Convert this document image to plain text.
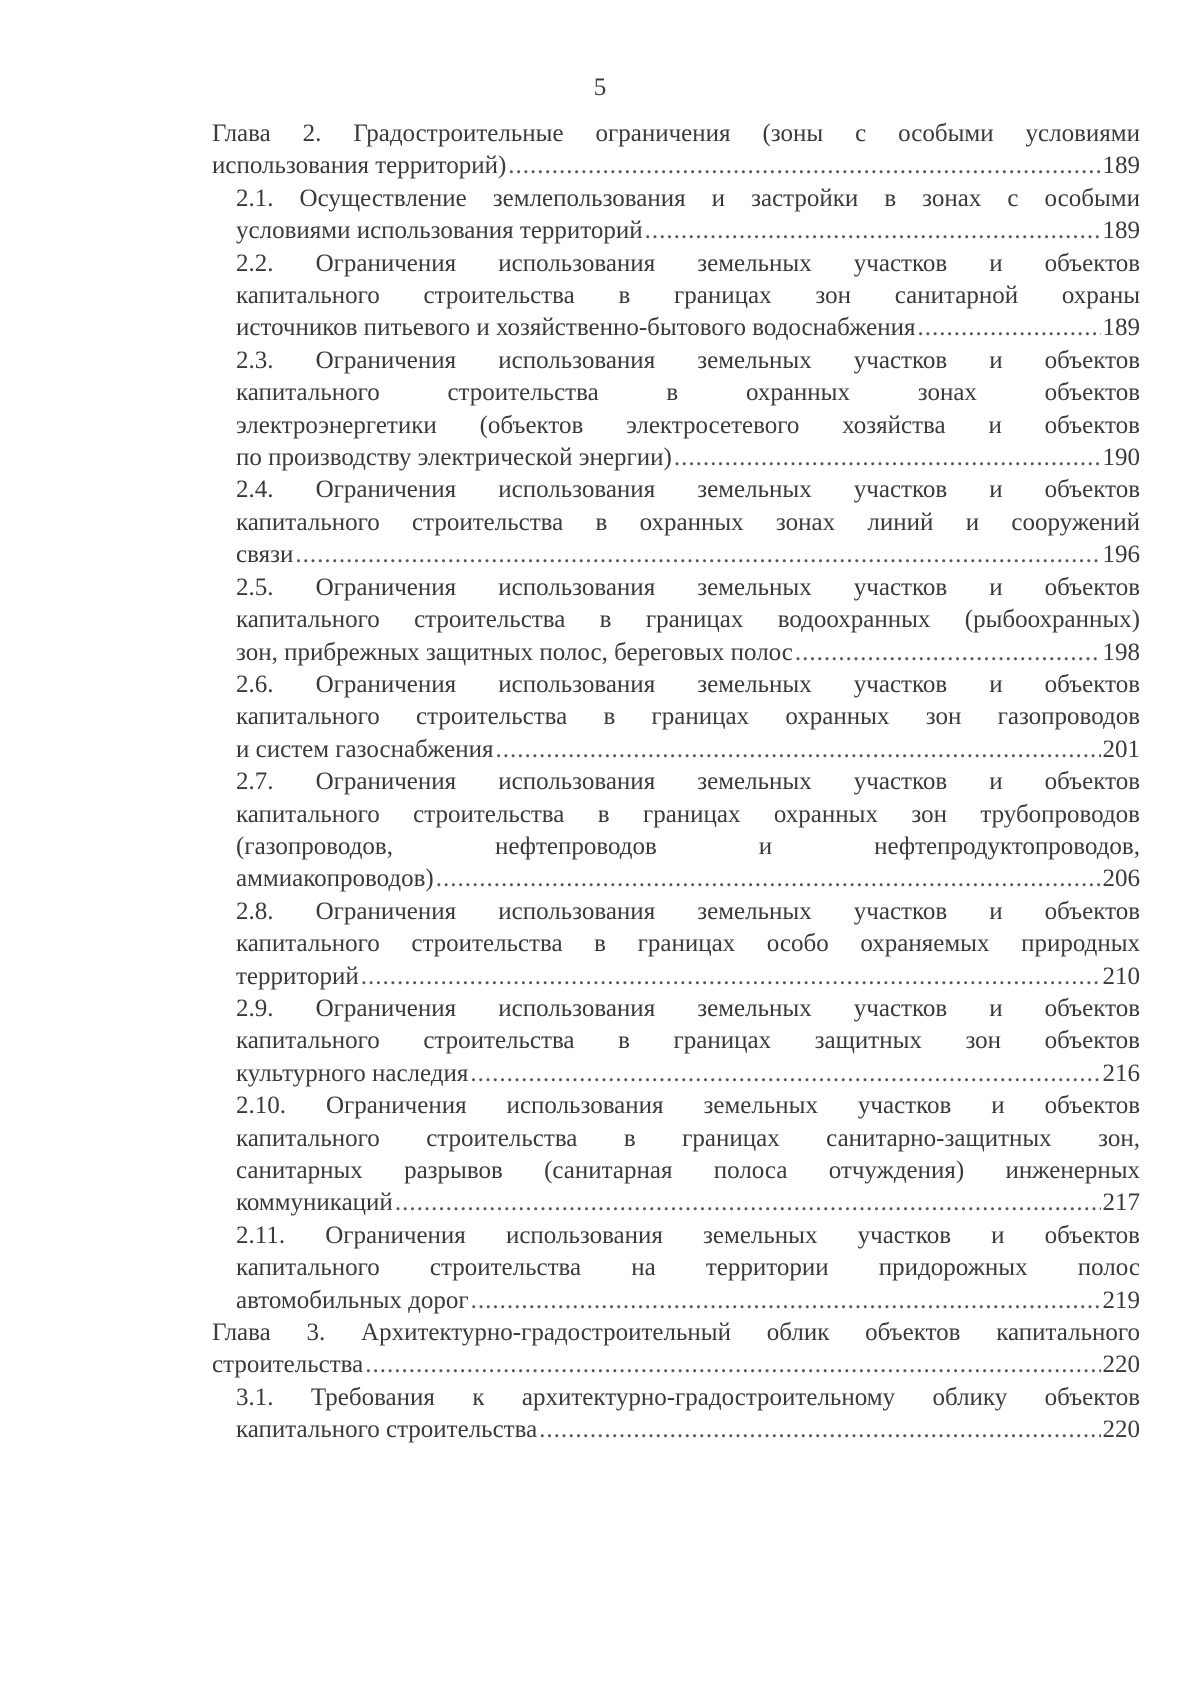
5
Глава 2. Градостроительные ограничения (зоны с особыми условиями
использования территорий) .....	189
2.1. Осуществление землепользования и застройки в зонах с особыми
условиями использования территорий .....	189
2.2. Ограничения использования земельных участков и объектов
капитального строительства в границах зон санитарной охраны
источников питьевого и хозяйственно-бытового водоснабжения .....	189
2.3. Ограничения использования земельных участков и объектов
капитального строительства в охранных зонах объектов
электроэнергетики (объектов электросетевого хозяйства и объектов
по производству электрической энергии) .....	190
2.4. Ограничения использования земельных участков и объектов
капитального строительства в охранных зонах линий и сооружений
связи .....	196
2.5. Ограничения использования земельных участков и объектов
капитального строительства в границах водоохранных (рыбоохранных)
зон, прибрежных защитных полос, береговых полос .....	198
2.6. Ограничения использования земельных участков и объектов
капитального строительства в границах охранных зон газопроводов
и систем газоснабжения .....	201
2.7. Ограничения использования земельных участков и объектов
капитального строительства в границах охранных зон трубопроводов
(газопроводов, нефтепроводов и нефтепродуктопроводов,
аммиакопроводов) .....	206
2.8. Ограничения использования земельных участков и объектов
капитального строительства в границах особо охраняемых природных
территорий .....	210
2.9. Ограничения использования земельных участков и объектов
капитального строительства в границах защитных зон объектов
культурного наследия .....	216
2.10. Ограничения использования земельных участков и объектов
капитального строительства в границах санитарно-защитных зон,
санитарных разрывов (санитарная полоса отчуждения) инженерных
коммуникаций .....	217
2.11. Ограничения использования земельных участков и объектов
капитального строительства на территории придорожных полос
автомобильных дорог .....	219
Глава 3. Архитектурно-градостроительный облик объектов капитального
строительства .....	220
3.1. Требования к архитектурно-градостроительному облику объектов
капитального строительства .....	220
